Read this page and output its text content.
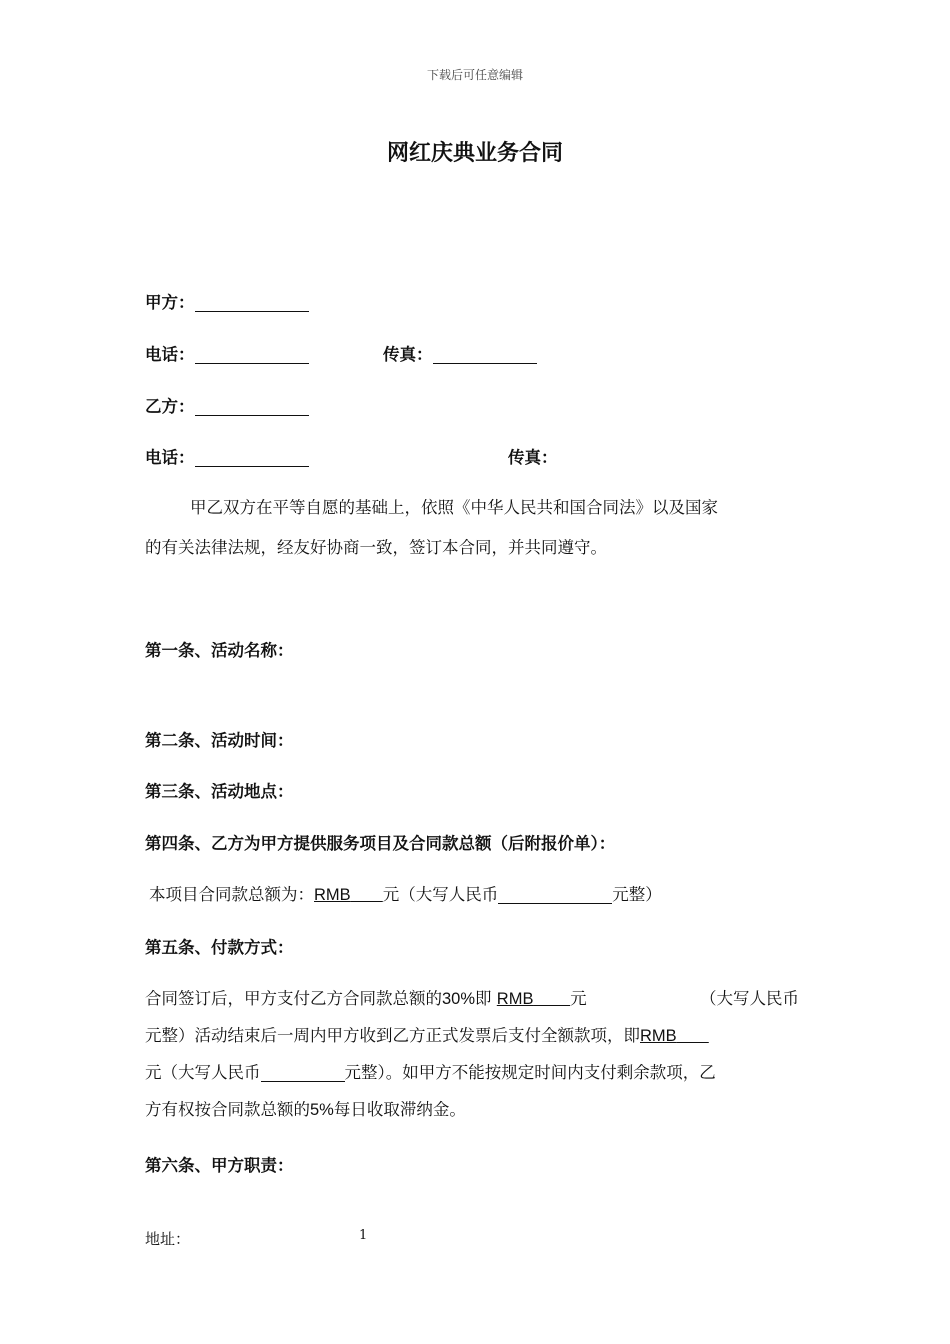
下载后可任意编辑
网红庆典业务合同
甲方：
电话：	传真：
乙方：
电话：	传真：
甲乙双方在平等自愿的基础上，依照《中华人民共和国合同法》以及国家
的有关法律法规，经友好协商一致，签订本合同，并共同遵守。
第一条、活动名称：
第二条、活动时间：
第三条、活动地点：
第四条、乙方为甲方提供服务项目及合同款总额（后附报价单）：
本项目合同款总额为：RMB 元（大写人民币	元整）
第五条、付款方式：
合同签订后，甲方支付乙方合同款总额的30%即 RMB 元	（大写人民币
元整）活动结束后一周内甲方收到乙方正式发票后支付全额款项，即RMB
元（大写人民币	元整）。如甲方不能按规定时间内支付剩余款项，乙
方有权按合同款总额的5%每日收取滞纳金。
第六条、甲方职责：
地址：	1
